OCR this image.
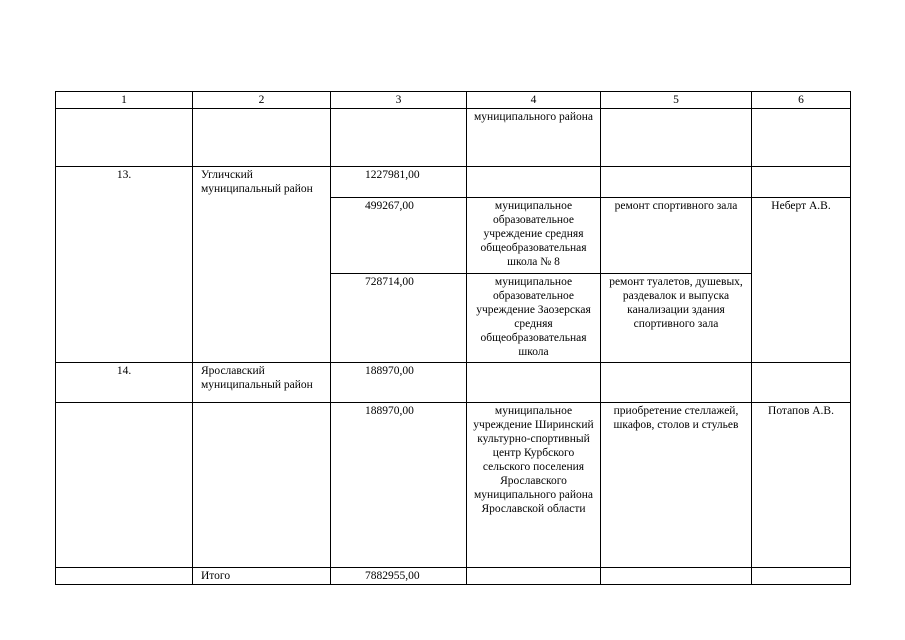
1	2	3	4	5	6
			муниципального района		
13.	Угличский муниципальный район	1227981,00			
		499267,00	муниципальное образовательное учреждение средняя общеобразовательная школа № 8	ремонт спортивного зала	Неберт А.В.
		728714,00	муниципальное образовательное учреждение Заозерская средняя общеобразовательная школа	ремонт туалетов, душевых, раздевалок и выпуска канализации здания спортивного зала	
14.	Ярославский муниципальный район	188970,00			
		188970,00	муниципальное учреждение Ширинский культурно-спортивный центр Курбского сельского поселения Ярославского муниципального района Ярославской области	приобретение стеллажей, шкафов, столов и стульев	Потапов А.В.
	Итого	7882955,00			
